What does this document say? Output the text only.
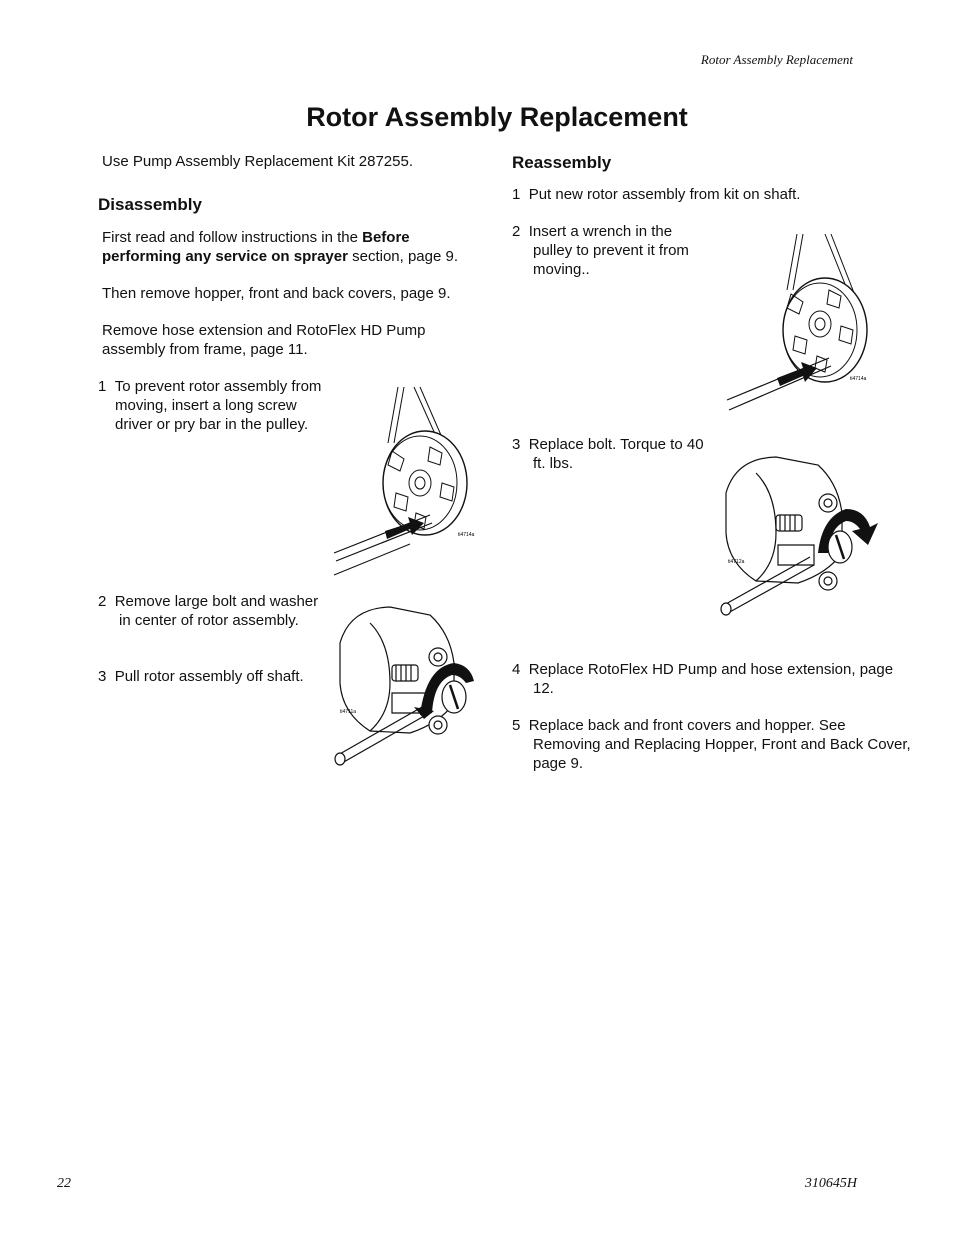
Rotor Assembly Replacement
Rotor Assembly Replacement
Use Pump Assembly Replacement Kit 287255.
Disassembly
First read and follow instructions in the Before performing any service on sprayer section, page 9.
Then remove hopper, front and back covers, page 9.
Remove hose extension and RotoFlex HD Pump assembly from frame, page 11.
1 To prevent rotor assembly from moving, insert a long screw driver or pry bar in the pulley.
2 Remove large bolt and washer in center of rotor assembly.
3 Pull rotor assembly off shaft.
Reassembly
1 Put new rotor assembly from kit on shaft.
2 Insert a wrench in the pulley to prevent it from moving..
3 Replace bolt. Torque to 40 ft. lbs.
4 Replace RotoFlex HD Pump and hose extension, page 12.
5 Replace back and front covers and hopper. See Removing and Replacing Hopper, Front and Back Cover, page 9.
ti4714a
ti4711a
ti4714a
ti4712a
22	310645H
